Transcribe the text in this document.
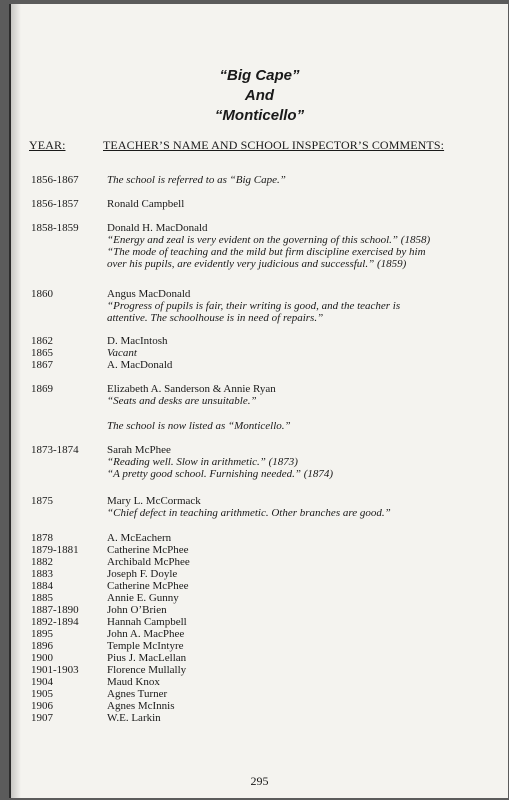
“Big Cape”
And
“Monticello”
YEAR:	TEACHER’S NAME AND SCHOOL INSPECTOR’S COMMENTS:
1856-1867	The school is referred to as “Big Cape.”
1856-1857	Ronald Campbell
1858-1859	Donald H. MacDonald
“Energy and zeal is very evident on the governing of this school.” (1858)
“The mode of teaching and the mild but firm discipline exercised by him
over his pupils, are evidently very judicious and successful.” (1859)
1860	Angus MacDonald
“Progress of pupils is fair, their writing is good, and the teacher is
attentive. The schoolhouse is in need of repairs.”
1862	D. MacIntosh
1865	Vacant
1867	A. MacDonald
1869	Elizabeth A. Sanderson & Annie Ryan
“Seats and desks are unsuitable.”
The school is now listed as “Monticello.”
1873-1874	Sarah McPhee
“Reading well. Slow in arithmetic.” (1873)
“A pretty good school. Furnishing needed.” (1874)
1875	Mary L. McCormack
“Chief defect in teaching arithmetic. Other branches are good.”
1878	A. McEachern
1879-1881	Catherine McPhee
1882	Archibald McPhee
1883	Joseph F. Doyle
1884	Catherine McPhee
1885	Annie E. Gunny
1887-1890	John O’Brien
1892-1894	Hannah Campbell
1895	John A. MacPhee
1896	Temple McIntyre
1900	Pius J. MacLellan
1901-1903	Florence Mullally
1904	Maud Knox
1905	Agnes Turner
1906	Agnes McInnis
1907	W.E. Larkin
295
